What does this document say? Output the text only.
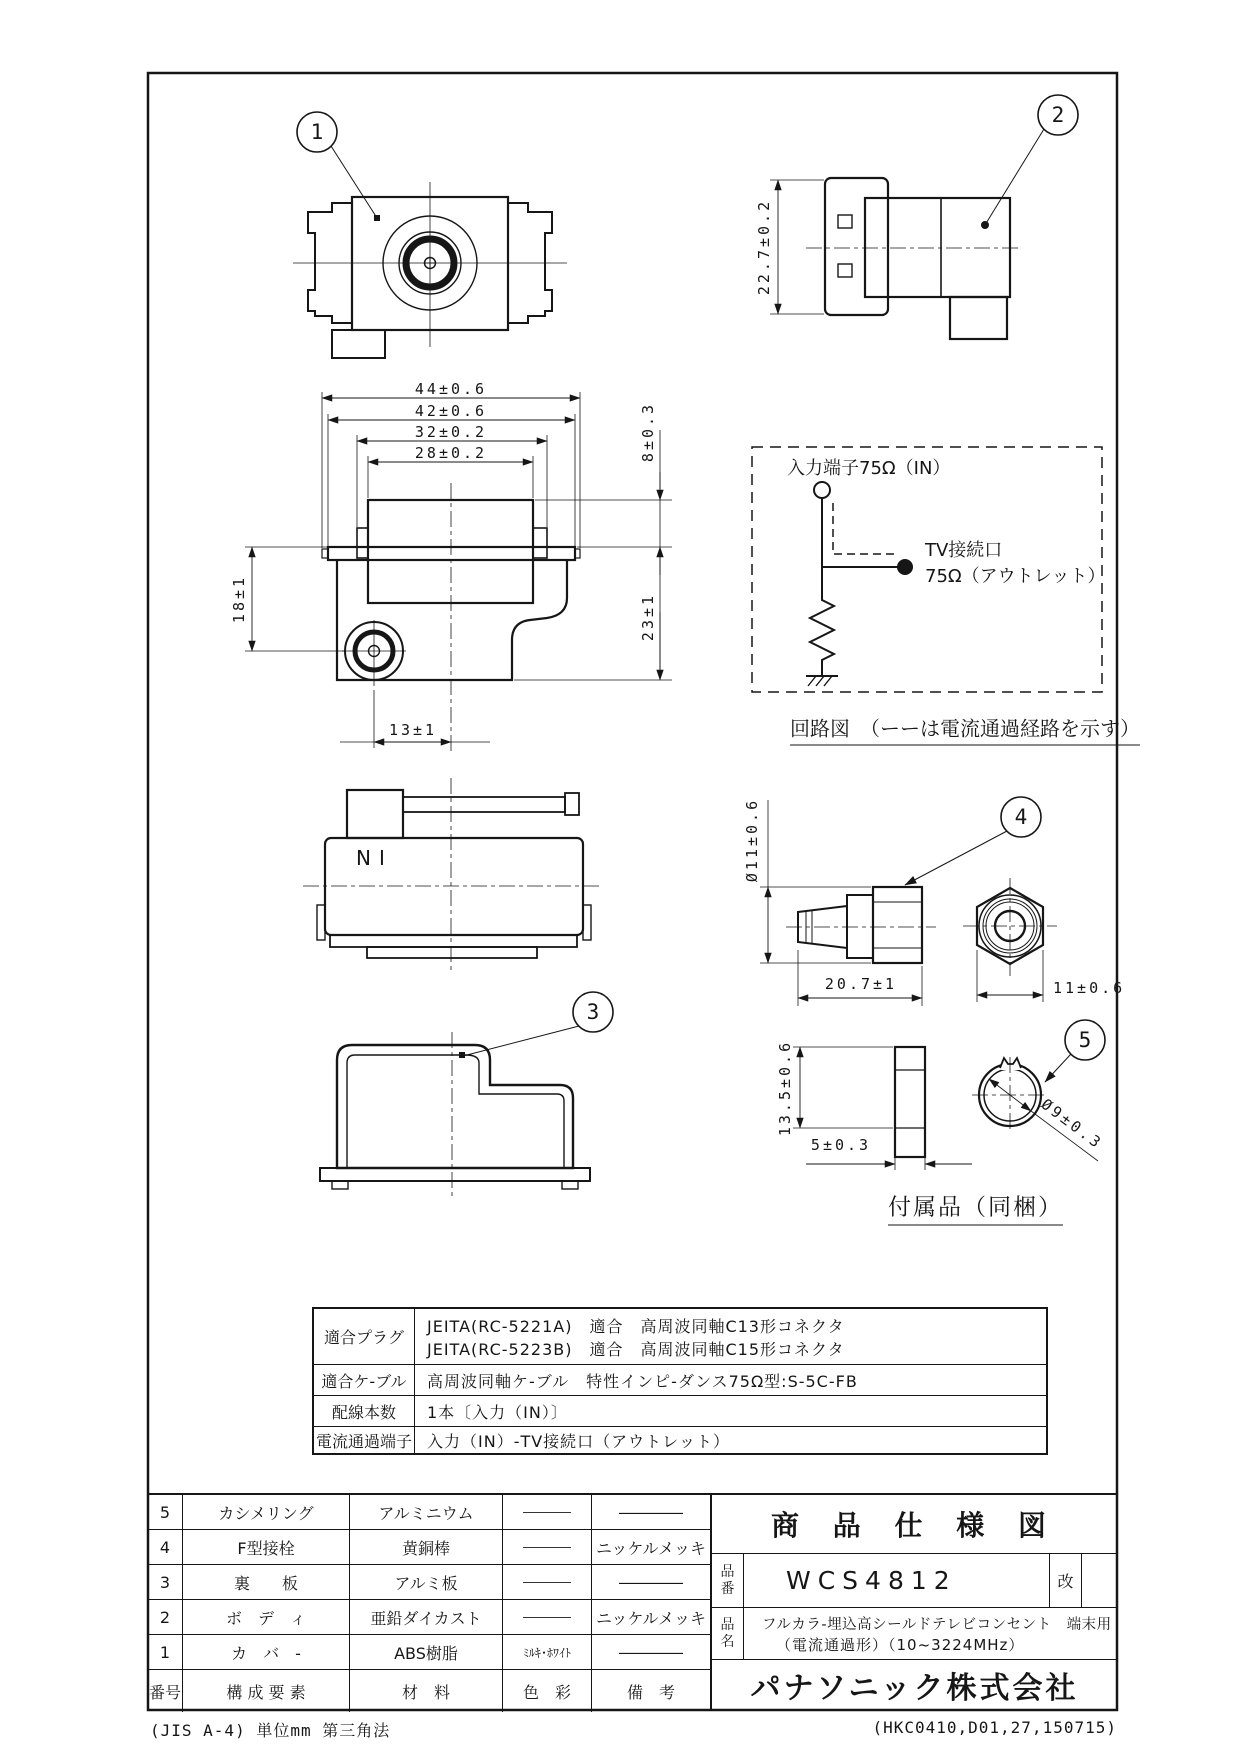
1
2
3
4
5
22.7±0.2
44±0.6
42±0.6
32±0.2
28±0.2
18±1
8±0.3
23±1
13±1
Ø11±0.6
20.7±1	11±0.6
13.5±0.6
5±0.3	Ø9±0.3
NI
入力端子75Ω（IN）
TV接続口
75Ω（アウトレット）
回路図　（ーーは電流通過経路を示す）
付属品（同梱）
適合プラグ
JEITA(RC-5221A)　適合　高周波同軸C13形コネクタ
JEITA(RC-5223B)　適合　高周波同軸C15形コネクタ
適合ケ-ブル	高周波同軸ケ-ブル　特性インピ-ダンス75Ω型:S-5C-FB
配線本数	1本〔入力（IN）〕
電流通過端子 入力（IN）-TV接続口（アウトレット）
5	カシメリング	アルミニウム	――――	――――
4	F型接栓	黄銅棒	――――	ニッケルメッキ
3	裏　　板	アルミ板	――――	――――
2	ボ　デ　ィ	亜鉛ダイカスト	――――	ニッケルメッキ
1	カ　バ　-	ABS樹脂	ﾐﾙｷ･ﾎﾜｲﾄ	――――
番号	構 成 要 素	材　料	色　彩	備　考
商 品 仕 様 図
品番	WCS4812	改
品名
フルカラ-埋込高シールドテレビコンセント　端末用
（電流通過形）（10~3224MHz）
パナソニック株式会社
(JIS A-4) 単位mm 第三角法	(HKC0410,D01,27,150715)
